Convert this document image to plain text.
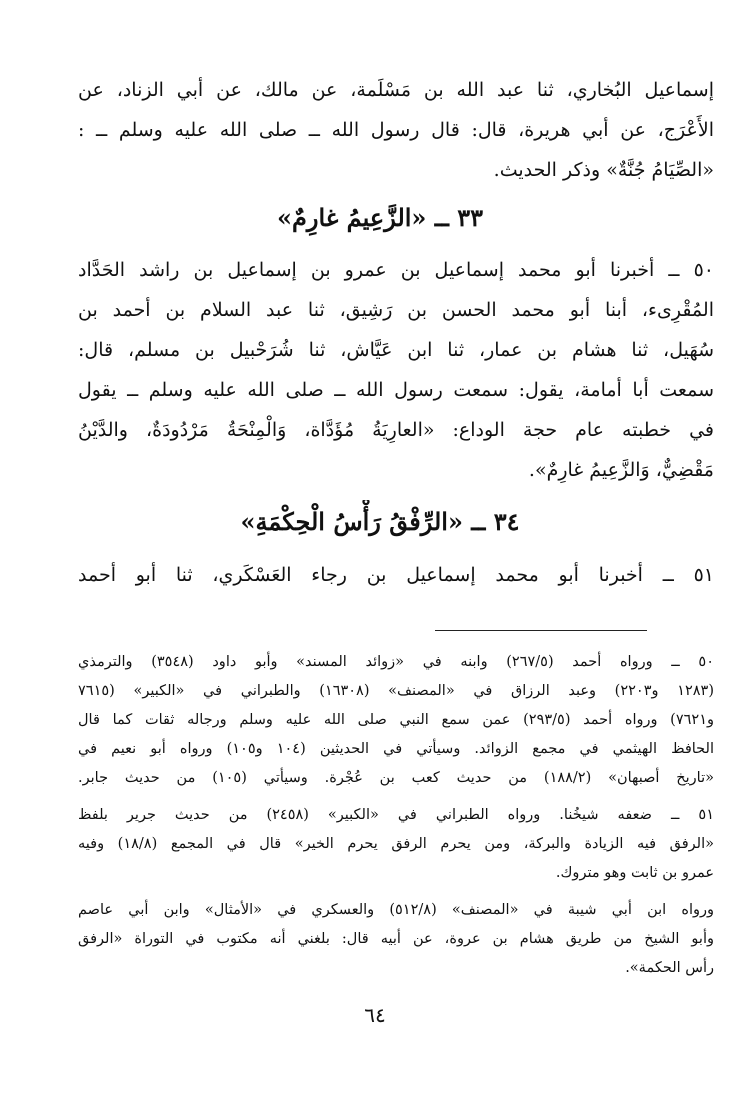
إسماعيل البُخاري، ثنا عبد الله بن مَسْلَمة، عن مالك، عن أبي الزناد، عن
الأَعْرَج، عن أبي هريرة، قال: قال رسول الله ــ صلى الله عليه وسلم ــ :
«الصِّيَامُ جُنَّةٌ» وذكر الحديث.
٣٣ ــ «الزَّعِيمُ غارِمٌ»
٥٠ ــ أخبرنا أبو محمد إسماعيل بن عمرو بن إسماعيل بن راشد الحَدَّاد
المُقْرِىء، أبنا أبو محمد الحسن بن رَشِيق، ثنا عبد السلام بن أحمد بن
سُهَيل، ثنا هشام بن عمار، ثنا ابن عَيَّاش، ثنا شُرَحْبيل بن مسلم، قال:
سمعت أبا أمامة، يقول: سمعت رسول الله ــ صلى الله عليه وسلم ــ يقول
في خطبته عام حجة الوداع: «العارِيَةُ مُؤَدَّاة، وَالْمِنْحَةُ مَرْدُودَةٌ، والدَّيْنُ
مَقْضِيٌّ، وَالزَّعِيمُ غارِمٌ».
٣٤ ــ «الرِّفْقُ رَأْسُ الْحِكْمَةِ»
٥١ ــ أخبرنا أبو محمد إسماعيل بن رجاء العَسْكَري، ثنا أبو أحمد
٥٠ ــ ورواه أحمد (٢٦٧/٥) وابنه في «زوائد المسند» وأبو داود (٣٥٤٨) والترمذي
(١٢٨٣ و٢٢٠٣) وعبد الرزاق في «المصنف» (١٦٣٠٨) والطبراني في «الكبير» (٧٦١٥
و٧٦٢١) ورواه أحمد (٢٩٣/٥) عمن سمع النبي صلى الله عليه وسلم ورجاله ثقات كما قال
الحافظ الهيثمي في مجمع الزوائد. وسيأتي في الحديثين (١٠٤ و١٠٥) ورواه أبو نعيم في
«تاريخ أصبهان» (١٨٨/٢) من حديث كعب بن عُجْرة. وسيأتي (١٠٥) من حديث جابر.
٥١ ــ ضعفه شيخُنا. ورواه الطبراني في «الكبير» (٢٤٥٨) من حديث جرير بلفظ
«الرفق فيه الزيادة والبركة، ومن يحرم الرفق يحرم الخير» قال في المجمع (١٨/٨) وفيه
عمرو بن ثابت وهو متروك.
ورواه ابن أبي شيبة في «المصنف» (٥١٢/٨) والعسكري في «الأمثال» وابن أبي عاصم
وأبو الشيخ من طريق هشام بن عروة، عن أبيه قال: بلغني أنه مكتوب في التوراة «الرفق
رأس الحكمة».
٦٤
